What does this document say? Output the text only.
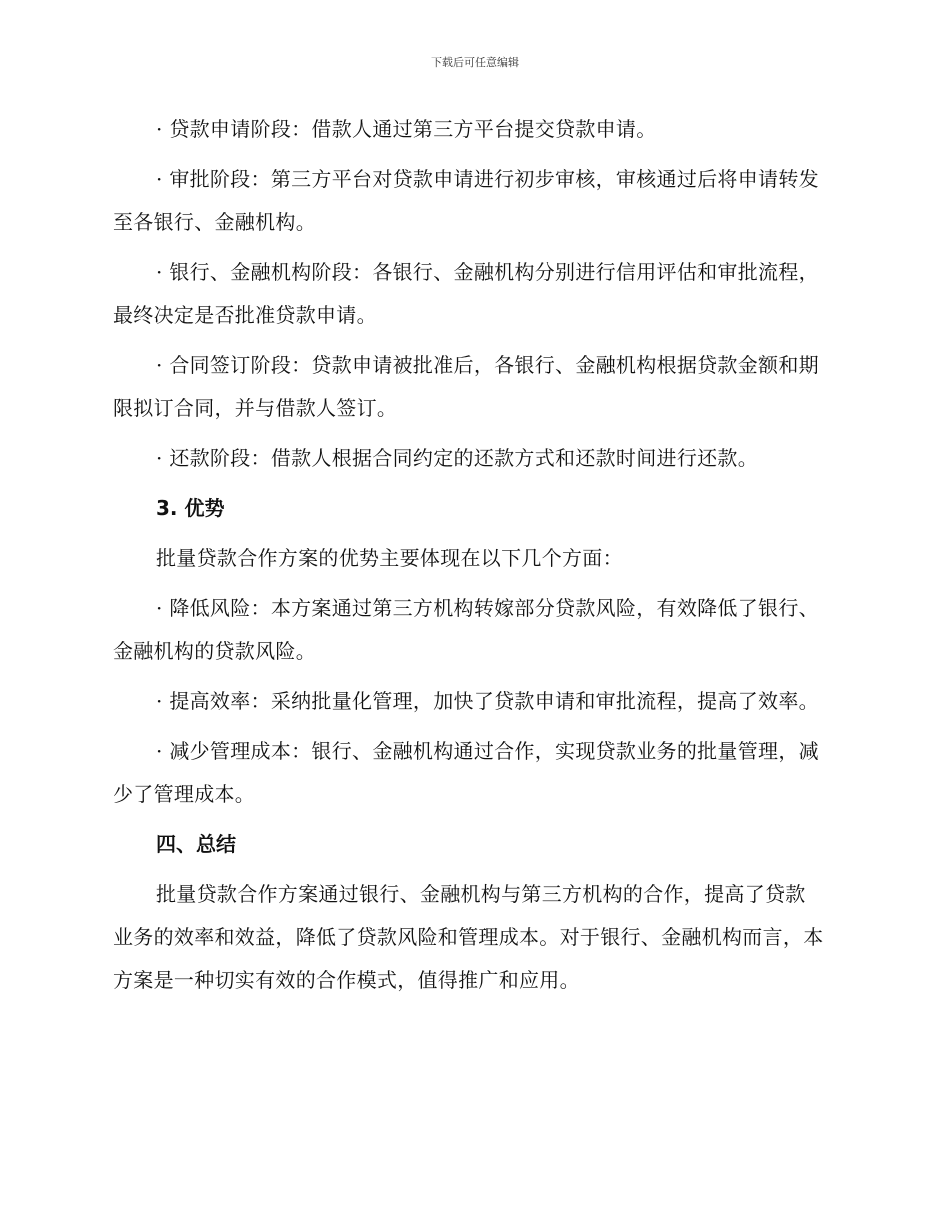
下载后可任意编辑

· 贷款申请阶段：借款人通过第三方平台提交贷款申请。

· 审批阶段：第三方平台对贷款申请进行初步审核，审核通过后将申请转发至各银行、金融机构。

· 银行、金融机构阶段：各银行、金融机构分别进行信用评估和审批流程，最终决定是否批准贷款申请。

· 合同签订阶段：贷款申请被批准后，各银行、金融机构根据贷款金额和期限拟订合同，并与借款人签订。

· 还款阶段：借款人根据合同约定的还款方式和还款时间进行还款。

3. 优势

批量贷款合作方案的优势主要体现在以下几个方面：

· 降低风险：本方案通过第三方机构转嫁部分贷款风险，有效降低了银行、金融机构的贷款风险。

· 提高效率：采纳批量化管理，加快了贷款申请和审批流程，提高了效率。

· 减少管理成本：银行、金融机构通过合作，实现贷款业务的批量管理，减少了管理成本。

四、总结

批量贷款合作方案通过银行、金融机构与第三方机构的合作，提高了贷款业务的效率和效益，降低了贷款风险和管理成本。对于银行、金融机构而言，本方案是一种切实有效的合作模式，值得推广和应用。
